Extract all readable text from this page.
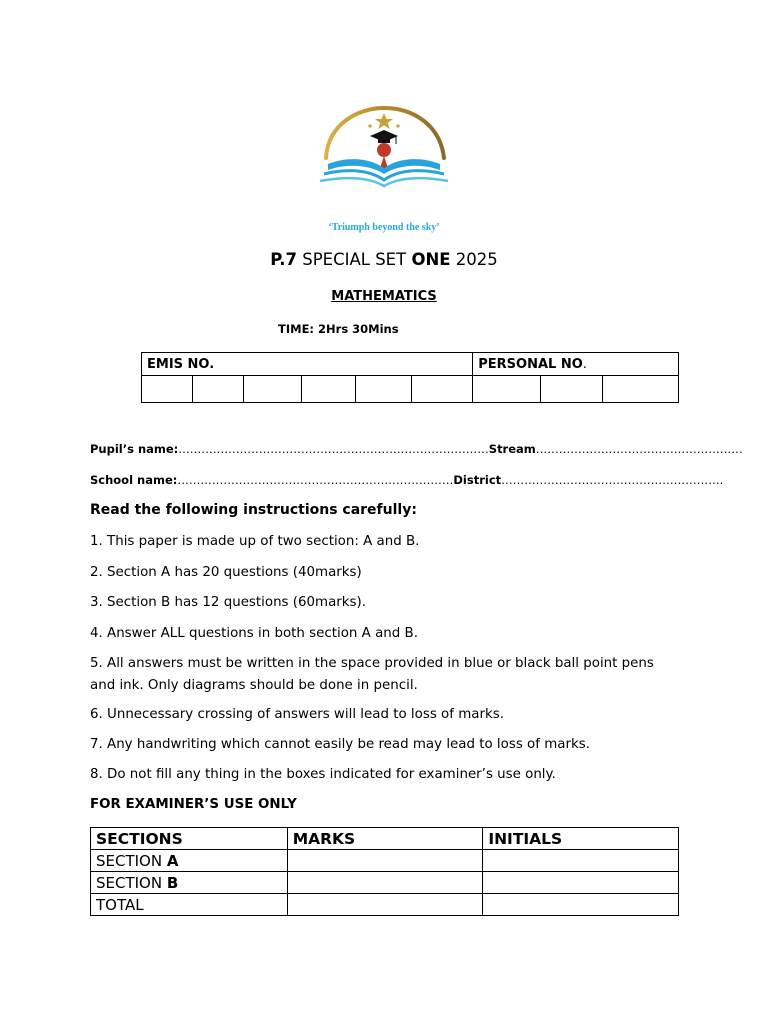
‘Triumph beyond the sky’
P.7 SPECIAL SET ONE 2025
MATHEMATICS
TIME: 2Hrs 30Mins
EMIS NO.						PERSONAL NO.		

Pupil’s name:………………………………………………………………………Stream………………………………………………
School name:………………………………………………………………District………………………………………………….
Read the following instructions carefully:
1. This paper is made up of two section: A and B.
2. Section A has 20 questions (40marks)
3. Section B has 12 questions (60marks).
4. Answer ALL questions in both section A and B.
5. All answers must be written in the space provided in blue or black ball point pens and ink. Only diagrams should be done in pencil.
6. Unnecessary crossing of answers will lead to loss of marks.
7. Any handwriting which cannot easily be read may lead to loss of marks.
8. Do not fill any thing in the boxes indicated for examiner’s use only.
FOR EXAMINER’S USE ONLY
SECTIONS	MARKS	INITIALS
SECTION A		
SECTION B		
TOTAL		
